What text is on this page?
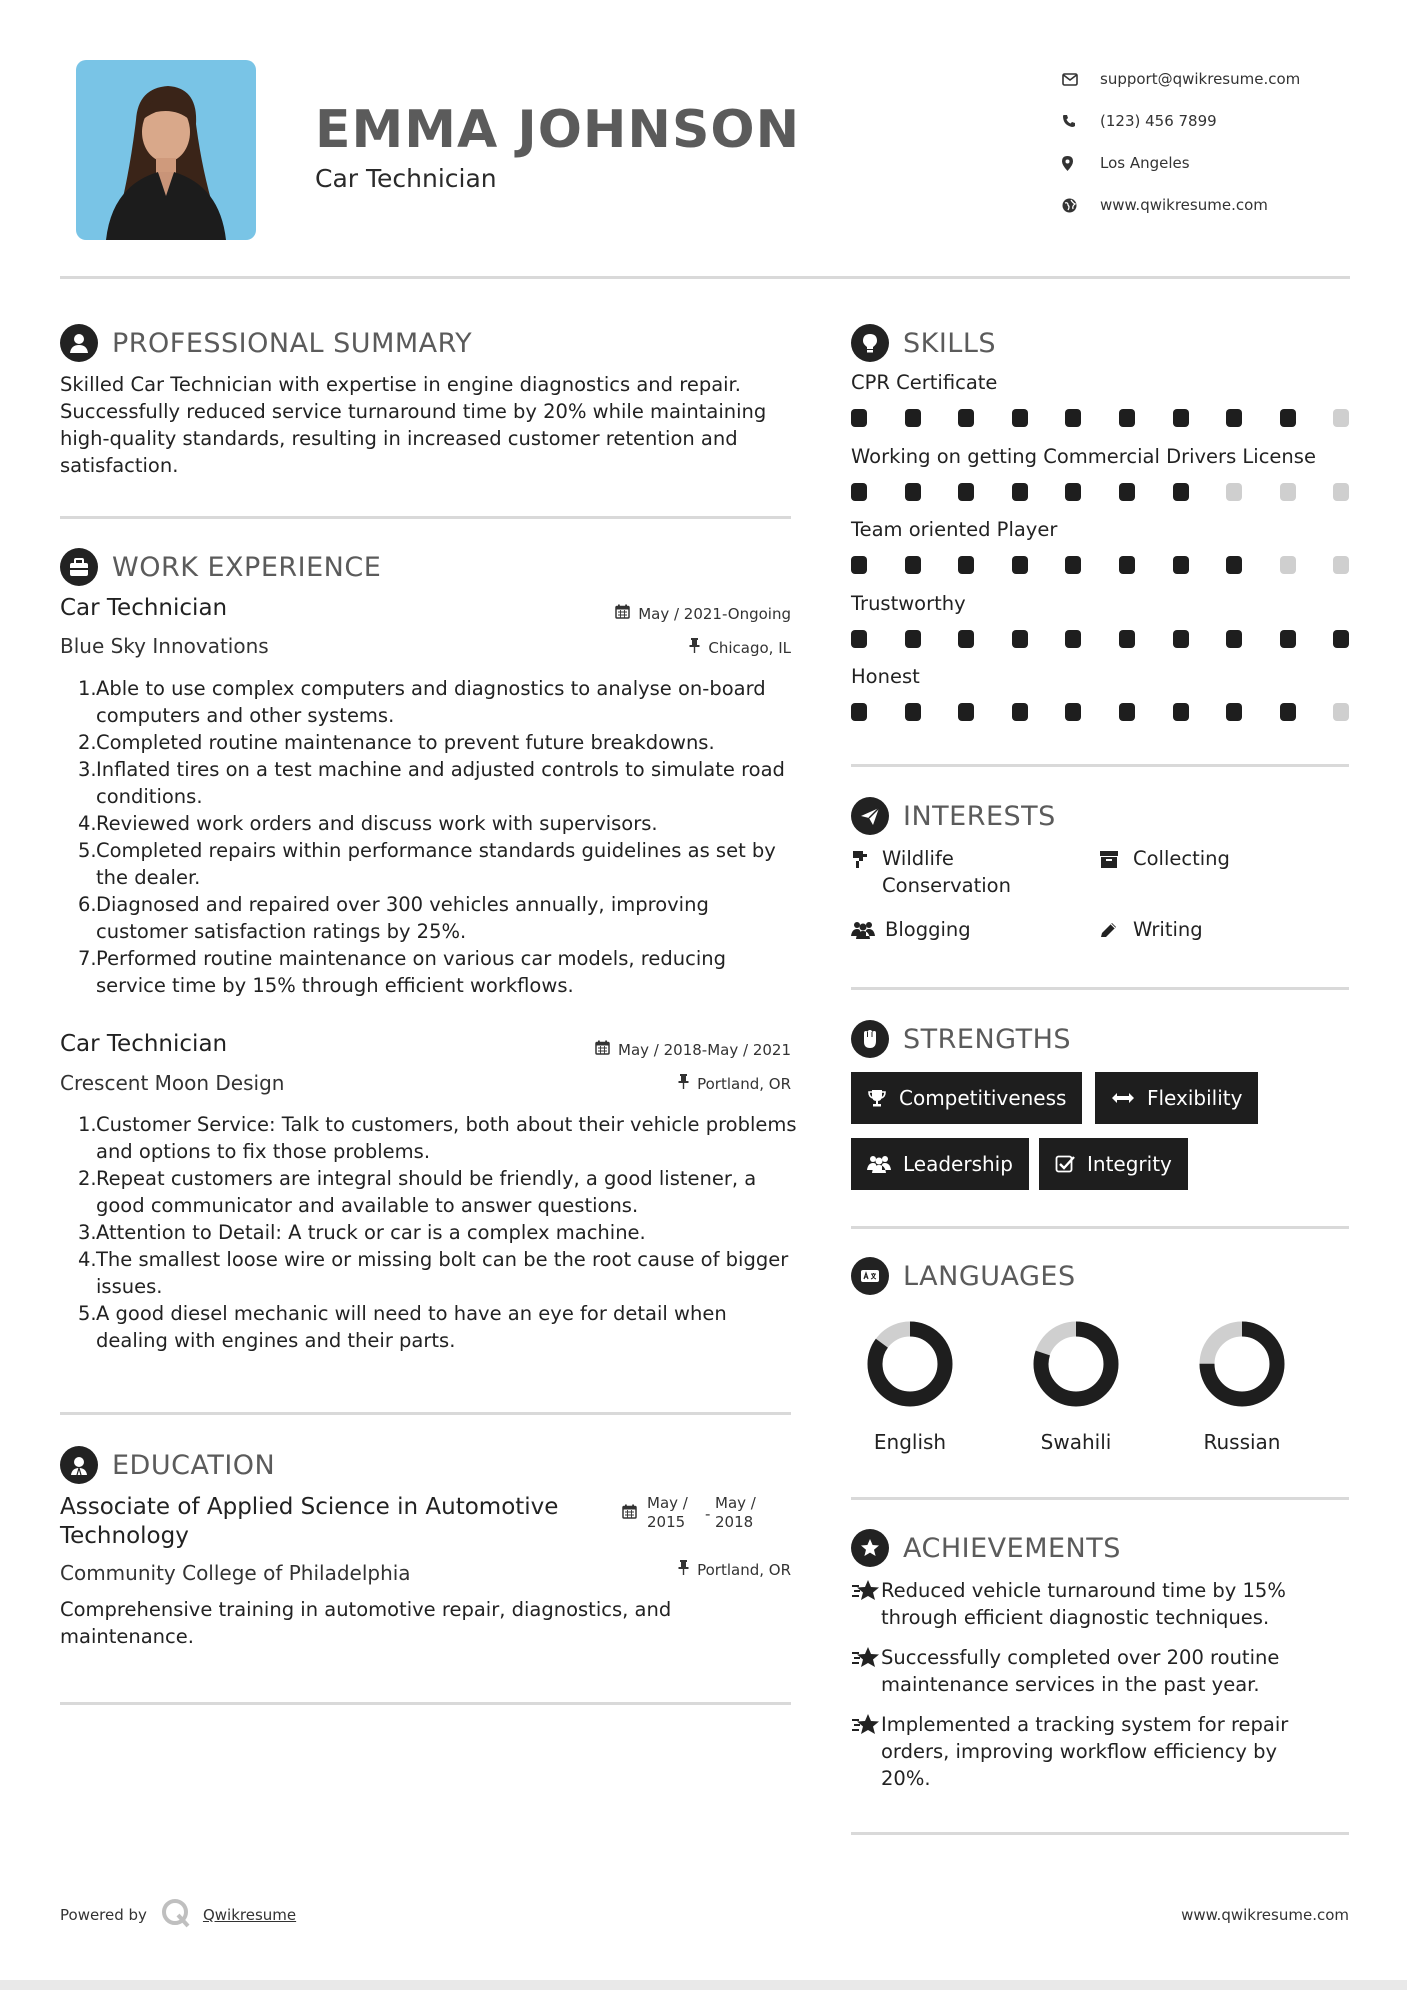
EMMA JOHNSON
Car Technician
support@qwikresume.com
(123) 456 7899
Los Angeles
www.qwikresume.com
PROFESSIONAL SUMMARY
Skilled Car Technician with expertise in engine diagnostics and repair. Successfully reduced service turnaround time by 20% while maintaining high-quality standards, resulting in increased customer retention and satisfaction.
WORK EXPERIENCE
Car Technician	May / 2021-Ongoing
Blue Sky Innovations	Chicago, IL
Able to use complex computers and diagnostics to analyse on-board computers and other systems.
Completed routine maintenance to prevent future breakdowns.
Inflated tires on a test machine and adjusted controls to simulate road conditions.
Reviewed work orders and discuss work with supervisors.
Completed repairs within performance standards guidelines as set by the dealer.
Diagnosed and repaired over 300 vehicles annually, improving customer satisfaction ratings by 25%.
Performed routine maintenance on various car models, reducing service time by 15% through efficient workflows.
Car Technician	May / 2018-May / 2021
Crescent Moon Design	Portland, OR
Customer Service: Talk to customers, both about their vehicle problems and options to fix those problems.
Repeat customers are integral should be friendly, a good listener, a good communicator and available to answer questions.
Attention to Detail: A truck or car is a complex machine.
The smallest loose wire or missing bolt can be the root cause of bigger issues.
A good diesel mechanic will need to have an eye for detail when dealing with engines and their parts.
EDUCATION
Associate of Applied Science in Automotive Technology
May /
2015	-
May /
2018
Community College of Philadelphia	Portland, OR
Comprehensive training in automotive repair, diagnostics, and maintenance.
SKILLS
CPR Certificate
Working on getting Commercial Drivers License
Team oriented Player
Trustworthy
Honest
INTERESTS
Wildlife Conservation
Collecting
Blogging	Writing
STRENGTHS
Competitiveness	Flexibility
Leadership	Integrity
LANGUAGES
English	Swahili	Russian
ACHIEVEMENTS
Reduced vehicle turnaround time by 15% through efficient diagnostic techniques.
Successfully completed over 200 routine maintenance services in the past year.
Implemented a tracking system for repair orders, improving workflow efficiency by 20%.
Powered by	Qwikresume	www.qwikresume.com
